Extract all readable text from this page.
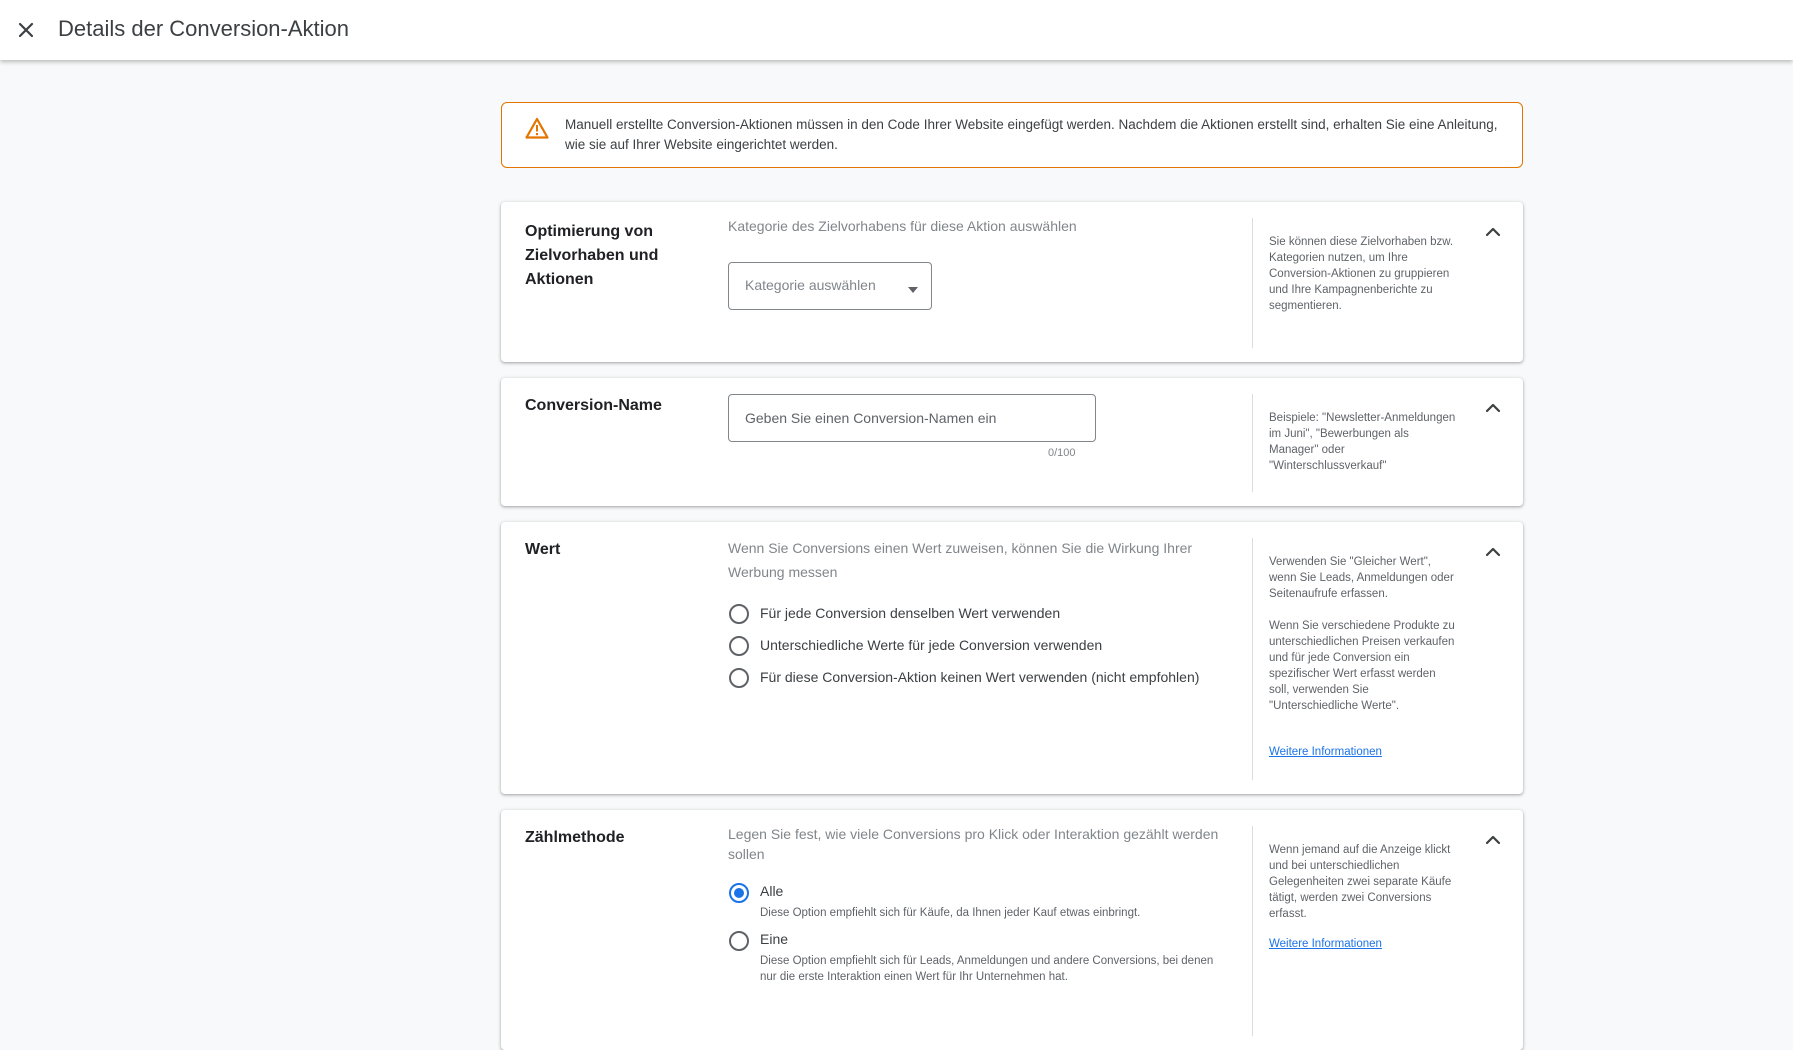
Details der Conversion-Aktion
Manuell erstellte Conversion-Aktionen müssen in den Code Ihrer Website eingefügt werden. Nachdem die Aktionen erstellt sind, erhalten Sie eine Anleitung, wie sie auf Ihrer Website eingerichtet werden.
Optimierung von Zielvorhaben und Aktionen
Kategorie des Zielvorhabens für diese Aktion auswählen
Kategorie auswählen
Sie können diese Zielvorhaben bzw. Kategorien nutzen, um Ihre Conversion-Aktionen zu gruppieren und Ihre Kampagnenberichte zu segmentieren.
Conversion-Name
Geben Sie einen Conversion-Namen ein
0/100
Beispiele: "Newsletter-Anmeldungen im Juni", "Bewerbungen als Manager" oder "Winterschlussverkauf"
Wert	Wenn Sie Conversions einen Wert zuweisen, können Sie die Wirkung Ihrer Werbung messen
Für jede Conversion denselben Wert verwenden
Unterschiedliche Werte für jede Conversion verwenden
Für diese Conversion-Aktion keinen Wert verwenden (nicht empfohlen)

Verwenden Sie "Gleicher Wert", wenn Sie Leads, Anmeldungen oder Seitenaufrufe erfassen.

Wenn Sie verschiedene Produkte zu unterschiedlichen Preisen verkaufen und für jede Conversion ein spezifischer Wert erfasst werden soll, verwenden Sie "Unterschiedliche Werte".

Weitere Informationen
Zählmethode	Legen Sie fest, wie viele Conversions pro Klick oder Interaktion gezählt werden sollen
Alle
Diese Option empfiehlt sich für Käufe, da Ihnen jeder Kauf etwas einbringt.
Eine
Diese Option empfiehlt sich für Leads, Anmeldungen und andere Conversions, bei denen nur die erste Interaktion einen Wert für Ihr Unternehmen hat.
Wenn jemand auf die Anzeige klickt und bei unterschiedlichen Gelegenheiten zwei separate Käufe tätigt, werden zwei Conversions erfasst.
Weitere Informationen
